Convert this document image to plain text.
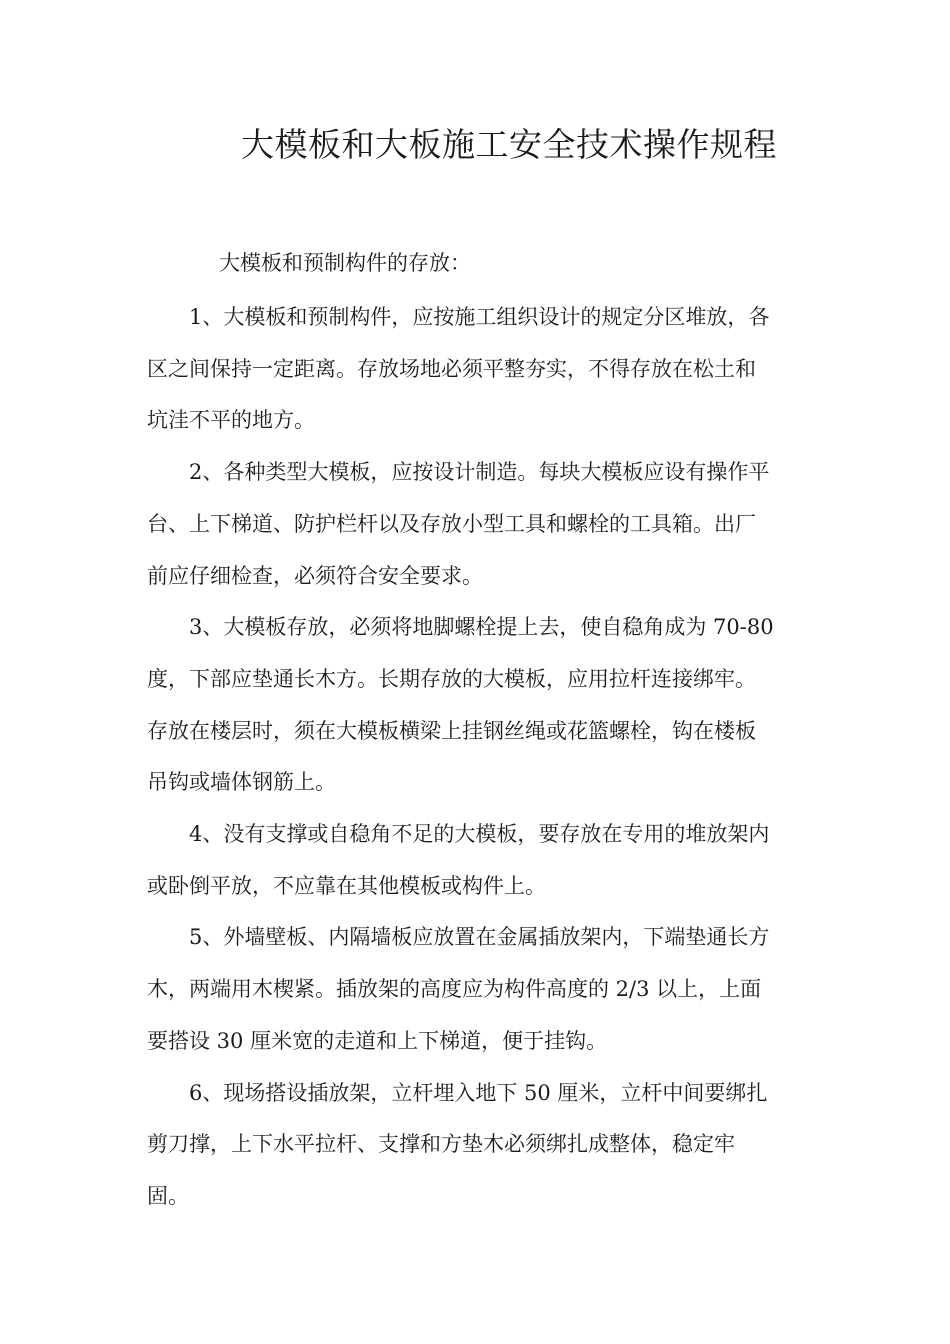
大模板和大板施工安全技术操作规程
大模板和预制构件的存放：

1、大模板和预制构件，应按施工组织设计的规定分区堆放，各
区之间保持一定距离。存放场地必须平整夯实，不得存放在松土和
坑洼不平的地方。

2、各种类型大模板，应按设计制造。每块大模板应设有操作平
台、上下梯道、防护栏杆以及存放小型工具和螺栓的工具箱。出厂
前应仔细检查，必须符合安全要求。

3、大模板存放，必须将地脚螺栓提上去，使自稳角成为 70-80
度，下部应垫通长木方。长期存放的大模板，应用拉杆连接绑牢。
存放在楼层时，须在大模板横梁上挂钢丝绳或花篮螺栓，钩在楼板
吊钩或墙体钢筋上。

4、没有支撑或自稳角不足的大模板，要存放在专用的堆放架内
或卧倒平放，不应靠在其他模板或构件上。

5、外墙壁板、内隔墙板应放置在金属插放架内，下端垫通长方
木，两端用木楔紧。插放架的高度应为构件高度的 2/3 以上，上面
要搭设 30 厘米宽的走道和上下梯道，便于挂钩。

6、现场搭设插放架，立杆埋入地下 50 厘米，立杆中间要绑扎
剪刀撑，上下水平拉杆、支撑和方垫木必须绑扎成整体，稳定牢
固。
